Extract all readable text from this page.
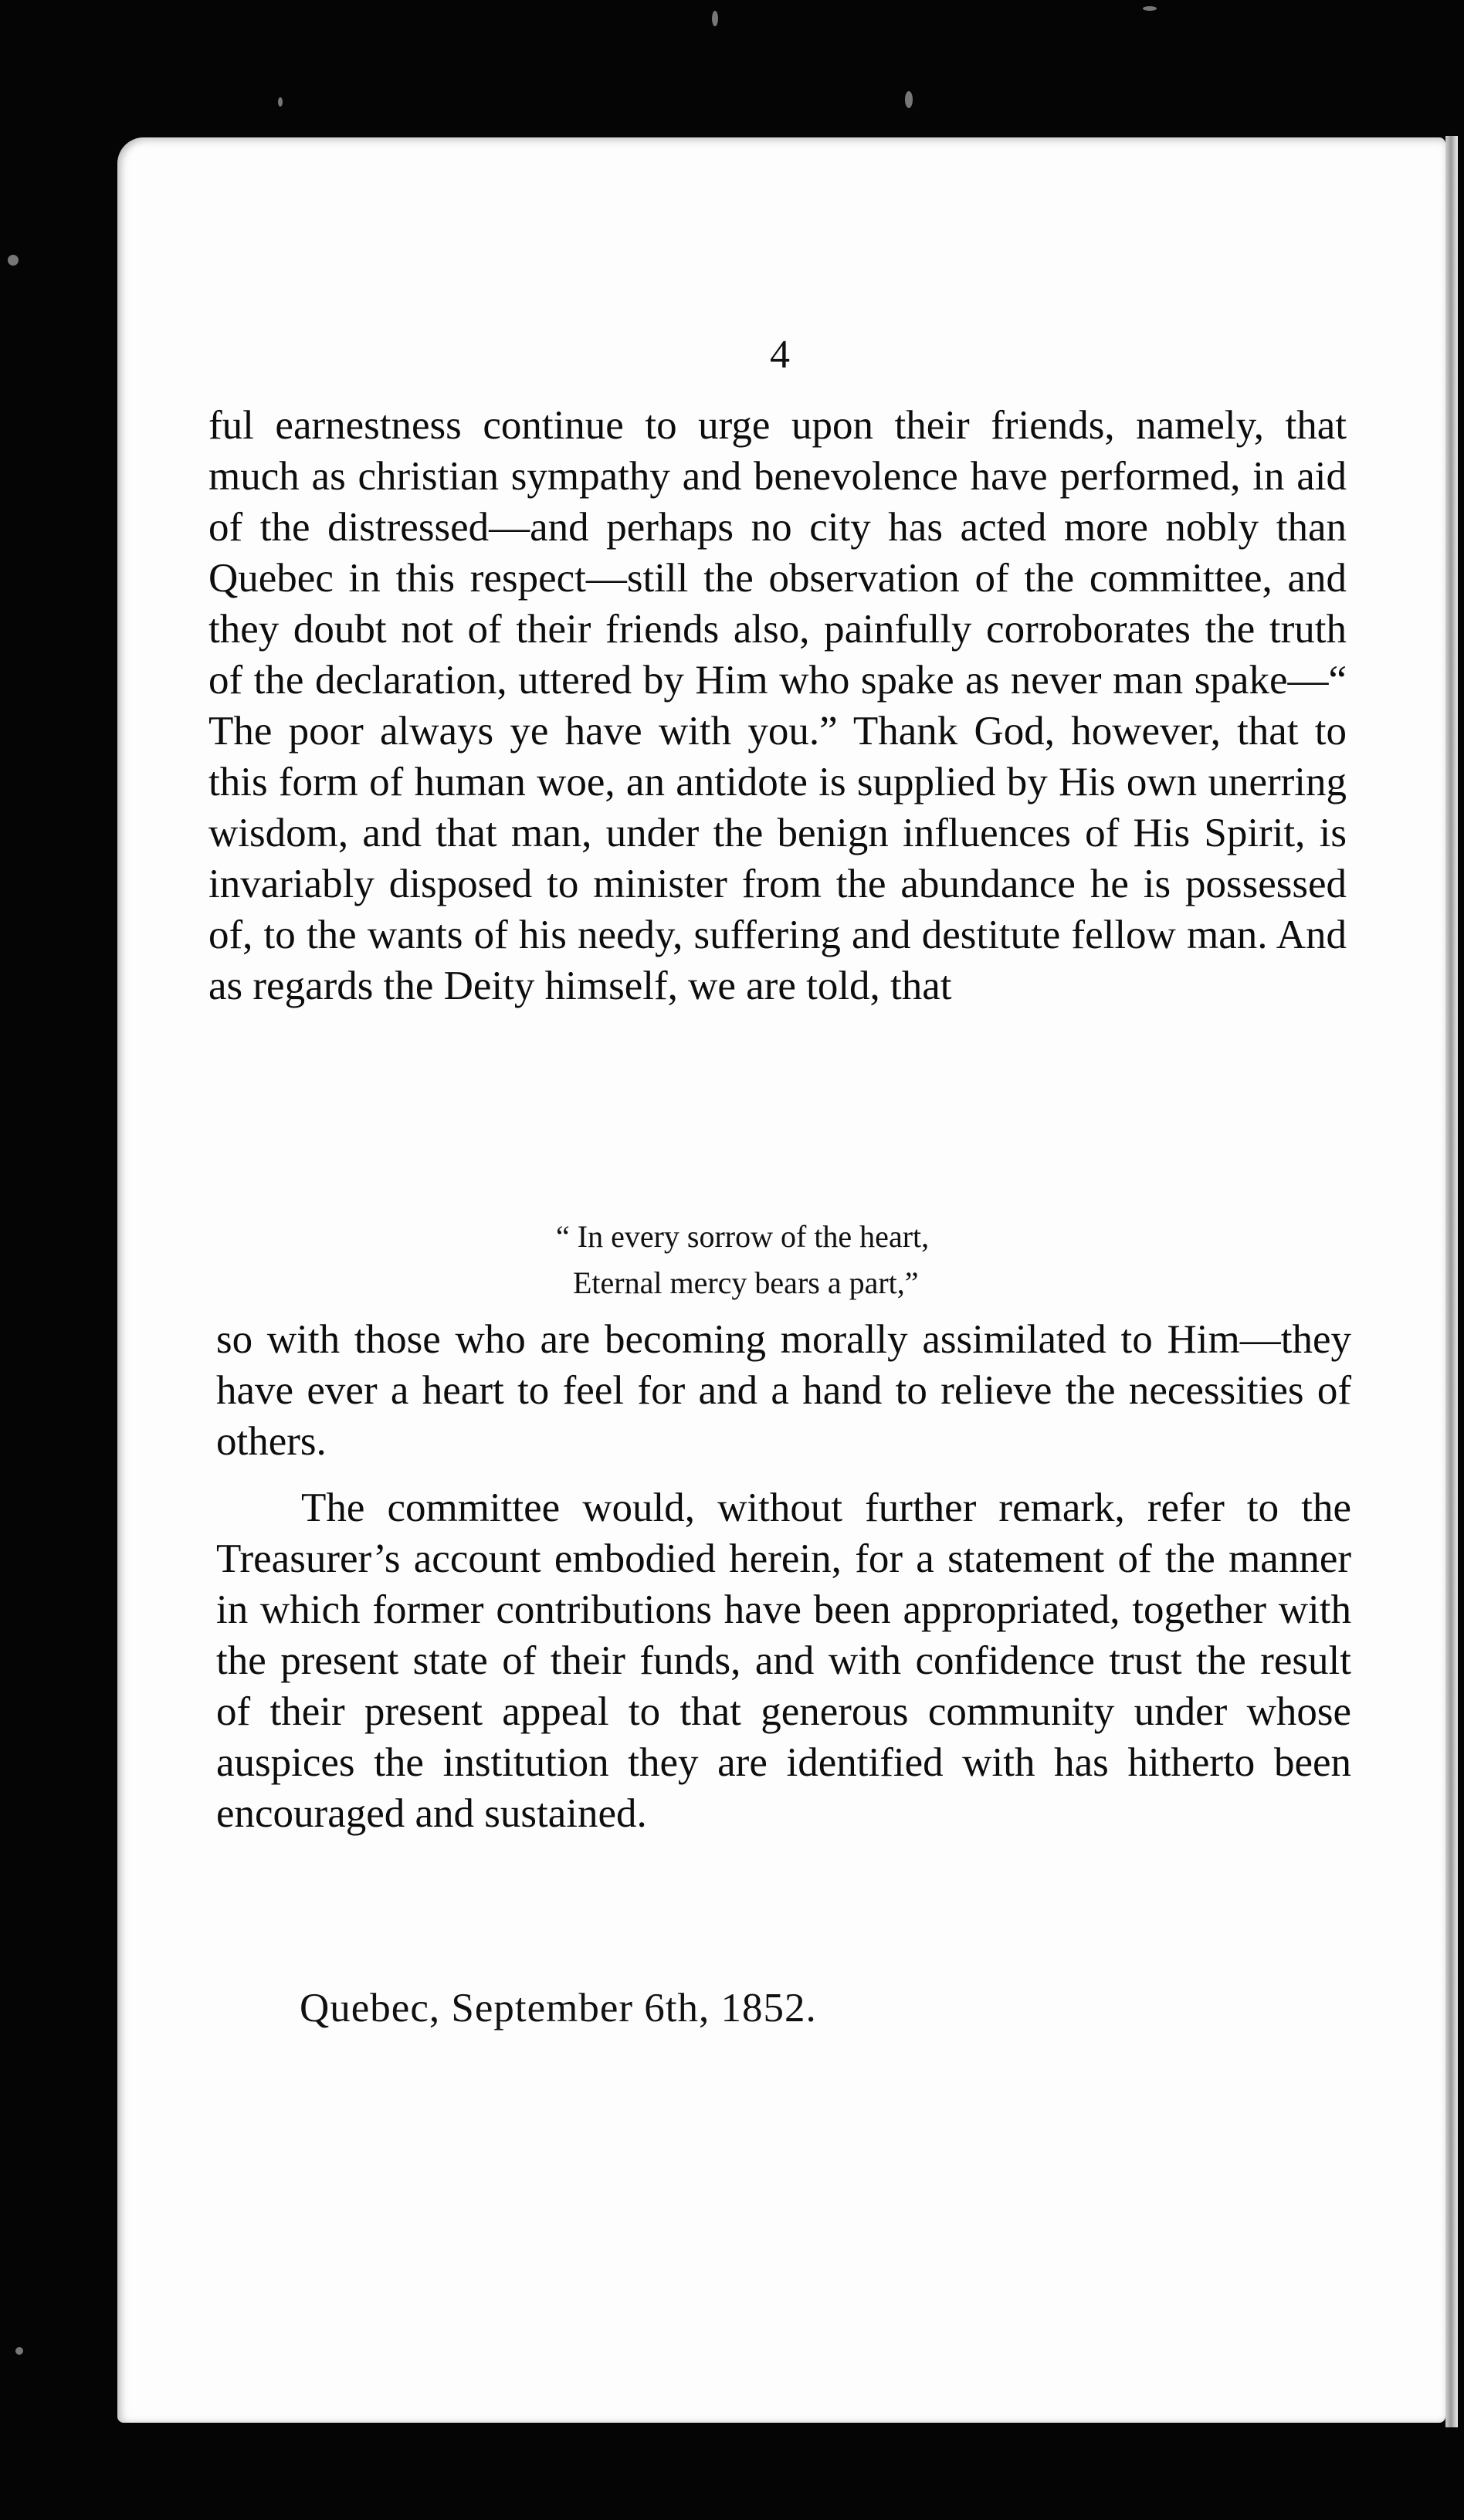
4

ful earnestness continue to urge upon their friends, namely, that much as christian sympathy and benevolence have performed, in aid of the distressed—and perhaps no city has acted more nobly than Quebec in this respect—still the observation of the committee, and they doubt not of their friends also, painfully corroborates the truth of the declaration, uttered by Him who spake as never man spake—“ The poor always ye have with you.” Thank God, however, that to this form of human woe, an antidote is supplied by His own unerring wisdom, and that man, under the benign influences of His Spirit, is invariably disposed to minister from the abundance he is possessed of, to the wants of his needy, suffering and destitute fellow man. And as regards the Deity himself, we are told, that

“ In every sorrow of the heart,
Eternal mercy bears a part,”

so with those who are becoming morally assimilated to Him—they have ever a heart to feel for and a hand to relieve the necessities of others.

The committee would, without further remark, refer to the Treasurer’s account embodied herein, for a statement of the manner in which former contributions have been appropriated, together with the present state of their funds, and with confidence trust the result of their present appeal to that generous community under whose auspices the institution they are identified with has hitherto been encouraged and sustained.

Quebec, September 6th, 1852.
